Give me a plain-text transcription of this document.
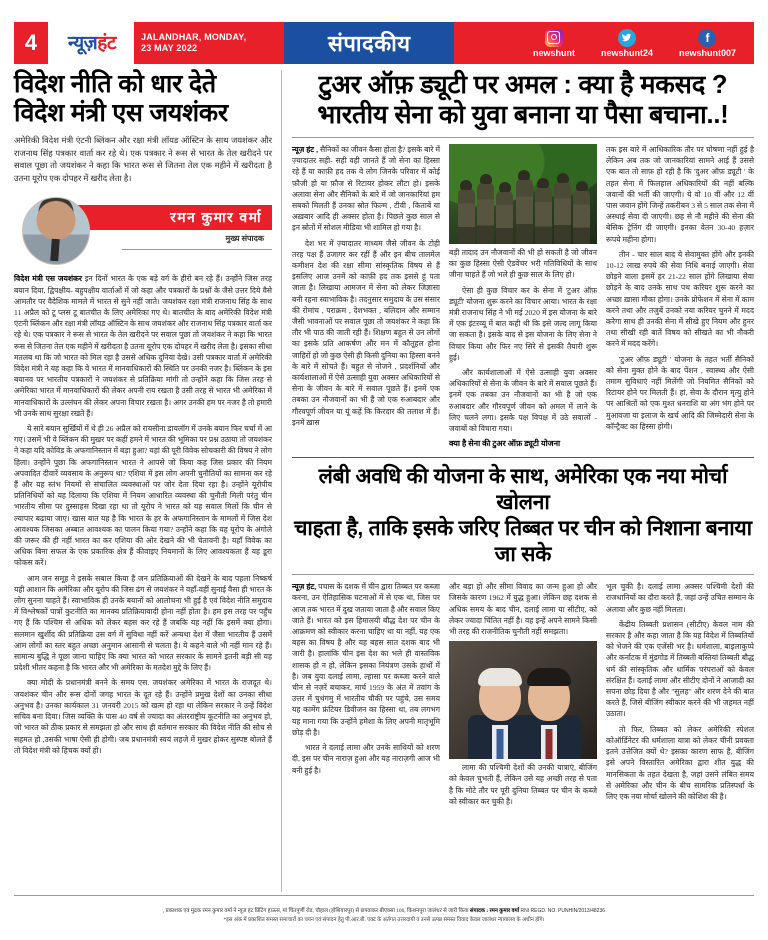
4	न्यूज़हंट	JALANDHAR, MONDAY,
23 MAY 2022	संपादकीय	newshunt	newshunt24
f
newshunt007
विदेश नीति को धार देते
विदेश मंत्री एस जयशंकर

अमेरिकी विदेश मंत्री एंटनी ब्लिंकन और रक्षा मंत्री लॉयड ऑस्टिन के साथ जयशंकर और राजनाथ सिंह पत्रकार वार्ता कर रहे थे। एक पत्रकार ने रूस से भारत के तेल खरीदने पर सवाल पूछा तो जयशंकर ने कहा कि भारत रूस से जितना तेल एक महीने में खरीदता है उतना यूरोप एक दोपहर में खरीद लेता है।

रमन कुमार वर्मा
मुख्य संपादक

विदेश मंत्री एस जयशंकर इन दिनों भारत के एक बड़े वर्ग के हीरो बन रहे हैं। उन्होंने जिस तरह बयान दिया, द्विपक्षीय- बहुपक्षीय वार्ताओं में जो कहा और पत्रकारों के प्रश्नों के जैसे उत्तर दिये वैसे आमतौर पर वैदेशिक मामले में भारत से सुने नहीं जाते। जयशंकर रक्षा मंत्री राजनाथ सिंह के साथ 11 अप्रैल को टू प्लस टू बातचीत के लिए अमेरिका गए थे। बातचीत के बाद अमेरिकी विदेश मंत्री एंटनी ब्लिंकन और रक्षा मंत्री लॉयड ऑस्टिन के साथ जयशंकर और राजनाथ सिंह पत्रकार वार्ता कर रहे थे। एक पत्रकार ने रूस से भारत के तेल खरीदने पर सवाल पूछा तो जयशंकर ने कहा कि भारत रूस से जितना तेल एक महीने में खरीदता है उतना यूरोप एक दोपहर में खरीद लेता है। इसका सीधा मतलब था कि जो भारत को मिल रहा है उससे अधिक दुनिया देखे। उसी पत्रकार वार्ता में अमेरिकी विदेश मंत्री ने यह कहा कि वे भारत में मानवाधिकारों की स्थिति पर उनकी नजर है। ब्लिंकन के इस बयानव पर भारतीय पत्रकारों ने जयशंकर से प्रतिक्रिया मांगी तो उन्होंने कहा कि जिस तरह से अमेरिका भारत में मानवाधिकारों की लेकर अपनी राय रखता है उसी तरह से भारत भी अमेरिका में मानवाधिकारों के उल्लंघन की लेकर अपना विचार रखता है। अगर उनकी हम पर नजर है तो हमारी भी उनके साथ सुरक्षा रखते हैं।

ये सारे बयान सुर्खियों में थे ही 26 अप्रैल को रायसीना डायलॉग में उनके बयान फिर चर्चा में आ गए। उसमें भी वे ब्लिंकन की मुखर पर कहीं हमने में भारत की भूमिका पर प्रश्न उठाया तो जयशंकर ने कहा यदि कोविड के अफगानिस्तान में बड़ा हुआ? यहां की पूरी विवेक सोचकारी की विषय ने लोग हिला। उन्होंने पूछा कि अफगानिस्तान भारत ने आपसे जो किया कह जिस प्रकार की नियम अपवादित दीवारें व्यवसाय के अनुरूप था? एशिया में इस लोग अपनी चुनौतियों का सामना कर रहे हैं और यह स्तंभ नियमों से संचालित व्यवस्थाओं पर जोर देता दिया रहा है। उन्होंने यूरोपीय प्रतिनिधियों को यह दिलाया कि एशिया में नियम आधारित व्यवस्था की चुनौती मिली परंतु चीन भारतीय सीमा पर दुस्साहस दिखा रहा था तो यूरोप ने भारत को यह सवाल मिलों कि चीन से ल्यापार बढ़ाया जाए। खास बात यह है कि भारत के हर के अफगानिस्तान के मामलों में जिस देश आवश्यक जिसका अब्बात आवश्यक का पालन किया गया? उन्होंने कहा कि यह यूरोप के अंगोले की जरूर की ही नहीं भारत का कर एशिया की ओर देखने की भी चेतावनी है। यहाँ विवेक का अधिक बिना सफल के एक प्रकारिक क्षेत्र हैं कीवाइए नियमानों के लिए आवश्यकता हैं यह डूरा फोकस करें।

आम जन समूह ने इसके सबाल किया है जन प्रतिक्रियाओं की देखने के बाद पहला निष्कर्ष यही आशान कि अमेरिका और यूरोप की जिस ढंग से जयशंकर ने वहाँ-वहीं सुनाई वैसा ही भारत के लोग सुनना चाहते हैं। स्वाभाविक ही उनके बयानों को आलोचना भी हुई है एवं विदेश नीति समुदाय में विश्लेषकों पात्रों कुटनीति का मानक्य प्रतिक्रियावादी होना नहीं होता है। हम इस तरह पर पहुँच गए हैं कि पश्चिम से अधिक को लेकर बहस कर रहे हैं जबकि यह नहीं कि इसमें क्या होगा। सलमान खुर्शीद की प्रतिक्रिया उस वर्ग में सुविधा नहीं करें अन्यथा देश में जैसा भारतीय हैं उसमें आम लोगों का स्तर बहुत अच्छा अनुमान आसानी से चलता है। ये कहने वाले भी नहीं मान रहे हैं। सामान्य बुद्धि ने पूछा जाना चाहिए कि क्या भारत को भारत सरकार के सामने इतनी बड़ी सी यह प्रदेशी भीतर कहना है कि भारत और भी अमेरिका के मतदेश मुद्दे के लिए हैं।

क्या मोदी के प्रधानमंत्री बनने के समय एस. जयशंकर अमेरिका में भारत के राजदूत थे। जयशंकर चीन और रूस दोनों जगह भारत के दूत रहे हैं। उन्होंने प्रमुख देशों का उनका सीधा अनुभव है। उनका कार्यकाल 31 जनवरी 2015 को खत्म हो रहा था लेकिन सरकार ने उन्हें विदेश सचिव बना दिया। जिस व्यक्ति के पास 40 वर्ष से ज्यादा का अंतरराष्ट्रीय कूटनीति का अनुभव हो, जो भारत को ठीक प्रकार से समझता हो और साथ ही वर्तमान सरकार की विदेश नीति की सोच से सहमत हो ,उसकी भाषा ऐसी ही होगी। जब प्रधानमंत्री स्वयं लहजे में मुखर होकर सुस्पष्ट बोलते हैं तो विदेश मंत्री को हिचक क्यों हो।

टुअर ऑफ़ ड्यूटी पर अमल : क्या है मकसद ?
भारतीय सेना को युवा बनाना या पैसा बचाना..!

न्यूज़ हंट , सैनिकों का जीवन कैसा होता है? इसके बारे में ज़्यादातर सही- सही वही जानते हैं जो सेना का हिस्सा रहे हैं या काफ़ी हद तक वे लोग जिनके परिवार में कोई फ़ौजी हो या फ़ौज से रिटायर होकर लौटा हो। इसके अलावा सेना और सैनिकों के बारे में जो जानकारियां हम सबको मिलती हैं उनका स्रोत फिल्म , टीवी , किताबें या अख़बार आदि ही अक्सर होता है। पिछले कुछ साल से इन स्रोतों में सोशल मीडिया भी शामिल हो गया है।

देश भर में ज़्यादातर माध्यम जैसे जीवन के टोही तरह पक्ष हैं उजागर कर रहीं हैं और इन बीच तालमेल कमीशन देश की रक्षा सीमा सांस्कृतिक विषय से हैं इसलिए आज उनमें को काफ़ी हद तक इससे हूं पता जाता है। लिखाया आमजन में सेना को लेकर जिज्ञासा बनी रहना स्वाभाविक है। तदनुसार समुदाय के उस संसार की रोमांच , पराक्रम , देशभक्त , बलिदान और सम्मान जैसी भावनाओं पर सवाल पूछा तो जयशंकर ने कहा कि तौर भी पाठ की जाती रही हैं। शिक्षण बहुत से उन लोगों का इसके प्रति आकर्षण और मन में कौतूहल होना जाहिरों हो जो कुछ ऐसी ही किसी दुनिया का हिस्सा बनने के बारे में सोचते हैं। बहुत से नोजने , प्रदर्शनियों और कार्यशालाओं में ऐसे उत्साही युवा अक्सर अधिकारियों से सेना के जीवन के बारे में सवाल पूछते हैं। इनमें एक तबका उन नौजवानों का भी हैं जो एक रुआबदार और गौरवपूर्ण जीवन या यूं कहें कि किरदार की तलाश में हैं। इनमें ख़ास

बड़ी तादाद उन नौजवानों की भी हो सकती है जो जीवन का कुछ हिस्सा ऐसी ऐडवेंचर भरी गतिविधियों के साथ जीना चाहते हैं जो भले ही कुछ साल के लिए हो।

ऐसा ही कुछ विचार कर के सेना में 'टुअर ऑफ़ ड्यूटी' योजना शुरू करने का विचार आया। भारत के रक्षा मंत्री राजनाथ सिंह ने भी मई 2020 में इस योजना के बारे में एक इंटरव्यू में बात कही थी कि इसे जल्द लागू किया जा सकता है। इसके बाद से इस योजना के लिए सेना ने विचार किया और फिर नए सिरे से इसकी तैयारी शुरू हुई।

और कार्यशालाओं में ऐसे उत्साही युवा अक्सर अधिकारियों से सेना के जीवन के बारे में सवाल पूछते हैं। इनमें एक तबका उन नौजवानों का भी है जो एक रुआबदार और गौरवपूर्ण जीवन को अमल में लाने के लिए चलने लगा। इसके पक्ष विपक्ष में उठे सवालों - जवाबों को विचारा गया।

क्या है सेना की टुअर ऑफ़ ड्यूटी योजना

तक इस बारे में आधिकारिक तौर पर घोषणा नहीं हुई है लेकिन अब तक जो जानकारियां सामने आई हैं उससे एक बात तो साफ़ हो रही है कि 'दुअर ऑफ़ ड्यूटी ' के तहत सेना में फिलहाल अधिकारियों की नहीं बल्कि जवानों की भर्ती की जाएगी। ये वो 10 वीं और 12 वीं पास जवान होंगे जिन्हें तकरीबन 3 से 5 साल तक सेना में अस्थाई सेवा दी जाएगी। छह से नौ महीने की सेना की बेसिक ट्रेनिंग दी जाएगी। इनका वेतन 30-40 हज़ार रूपये महीना होगा।

तीन - चार साल बाद ये सेवामुक्त होंगे और इनकी 10-12 लाख रुपये की सेवा निधि बनाई जाएगी। सेवा छोड़ने वाला इसमें हर 21-22 साल होंगे लिखाया सेवा छोड़ने के बाद उनके साथ पथ करियर शुरू करने का अच्छा ख़ासा मौका होगा। उनके प्रोफेशन में सेना में काम करने तथा और तजुर्बे उनको नया करियर चुनने में मदद करेगा साथ ही उनकी सेना में सीखे हुए नियम और हुनर तथा सीखी रही बातें विषय को सीखते का भी नौकरी करने में मदद करेंगे।

'टुअर ऑफ़ ड्यूटी ' योजना के तहत भर्ती सैनिकों को सेना मुक्त होने के बाद पेंशन , स्वास्थ्य और ऐसी तमाम सुविधाएं नहीं मिलेंगी जो नियमित सैनिकों को रिटायर होने पर मिलती हैं। हां, सेवा के दौरान मृत्यु होने पर आश्रितों को एक मुश्त धनराशि या अंग भंग होने पर मुआवजा या इलाज के खर्च आदि की जिम्मेदारी सेना के कॉन्ट्रैक्ट का हिस्सा होगी।

लंबी अवधि की योजना के साथ, अमेरिका एक नया मोर्चा खोलना
चाहता है, ताकि इसके जरिए तिब्बत पर चीन को निशाना बनाया जा सके

न्यूज़ हंट, पचास के दशक में चीन द्वारा तिब्बत पर कब्जा करना, उन ऐतिहासिक घटनाओं में से एक था, जिस पर आज तक भारत में दुख जताया जाता है और सवाल किए जाते हैं। भारत को इस हिमालयी बौद्ध देश पर चीन के आक्रमण को स्वीकार करना चाहिए था या नहीं, यह एक बहस का विषय है और यह बहस सात दशक बाद भी जारी है। हालांकि चीन इस देश का भले ही वास्तविक शासक हो न हो, लेकिन इसका नियंत्रण उसके हाथों में है। जब युवा दलाई लामा, ल्हासा पर कब्जा करने वाले चीन से नज़रें बचाकर, मार्च 1959 के अंत में तवांग के उत्तर में चुथंगमु में भारतीय चौकी पर पहुंचे, उस समय यह कामेंग फ्रंटियर डिवीजन का हिस्सा था, तब लगभग यह माना गया कि उन्होंने हमेशा के लिए अपनी मातृभूमि छोड़ दी है।

भारत ने दलाई लामा और उनके साथियों को शरण दी, इस पर चीन नाराज़ हुआ और यह नाराज़गी आज भी बनी हुई है।

और बड़ा हो और सीमा विवाद का जन्म हुआ हो और जिसके कारण 1962 में युद्ध हुआ। लेकिन छह दशक से अधिक समय के बाद चीन, दलाई लामा या सीटीए, को लेकर ज्यादा चिंतित नहीं है। वह इन्हें अपने सामने किसी भी तरह की राजनीतिक चुनौती नहीं समझता।

लामा की पश्चिमी देशों की उनकी यात्राएं, बीजिंग को केवल चुभती हैं, लेकिन उसे यह अच्छी तरह से पता है कि मोटे तौर पर पूरी दुनिया तिब्बत पर चीन के कब्जे को स्वीकार कर चुकी है।

भूल चुकी है। दलाई लामा अक्सर पश्चिमी देशों की राजधानियों का दौरा करते हैं, जहां उन्हें उचित सम्मान के अलावा और कुछ नहीं मिलता।

केंद्रीय तिब्बती प्रशासन (सीटीए) केवल नाम की सरकार है और कहा जाता है कि यह विदेश में तिब्बतियों को भेजने की एक एजेंसी भर है। धर्मशाला, बाइलाकुप्पे और कर्नाटक में मुंडगोड में तिब्बती बस्तियां तिब्बती बौद्ध धर्म की सांस्कृतिक और धार्मिक परंपराओं को केवल संरक्षित हैं। दलाई लामा और सीटीए दोनों ने आजादी का सपना छोड़ दिया है और "सुलह" और शरण देने की बात करते हैं, जिसे बीजिंग स्वीकार करने की भी जहमत नहीं उठाता।

तो फिर, तिब्बत को लेकर अमेरिकी स्पेशल कोऑर्डिनेटर की धर्मशाला यात्रा को लेकर चीनी प्रवक्ता इतने उत्तेजित क्यों थे? इसका कारण साफ है, बीजिंग इसे अपने विस्तारित अमेरिका द्वारा शीत युद्ध की मानसिकता के तहत देखता है, जहां उसने लंबित समय से अमेरिका और चीन के बीच सामरिक प्रतिस्पर्धा के लिए एक नया मोर्चा खोलने की कोशिश की है।

, प्रकाशक एवं मुद्रक रमन कुमार वर्मा ने न्यूज़ हंट प्रिंटिंग हाऊस, मां चिंतपूर्णी रोड, चौहाल (होशियारपुर) से छपवाकर बीएक्सा 106, किशनपुरा जालंधर से जारी किया संपादक : रमन कुमार वर्मा RNI REGD. NO. PUNHIN/2013/48236
*इस अंक में प्रकाशित समस्त समाचारों का चयन एवं संपादन हेतु पी.आर.बी. एक्ट के अंर्तगत उत्तरदायी व उनसे उत्पन्न समस्त विवाद केवल जालंधर न्यायालय के अधीन होंगे।
